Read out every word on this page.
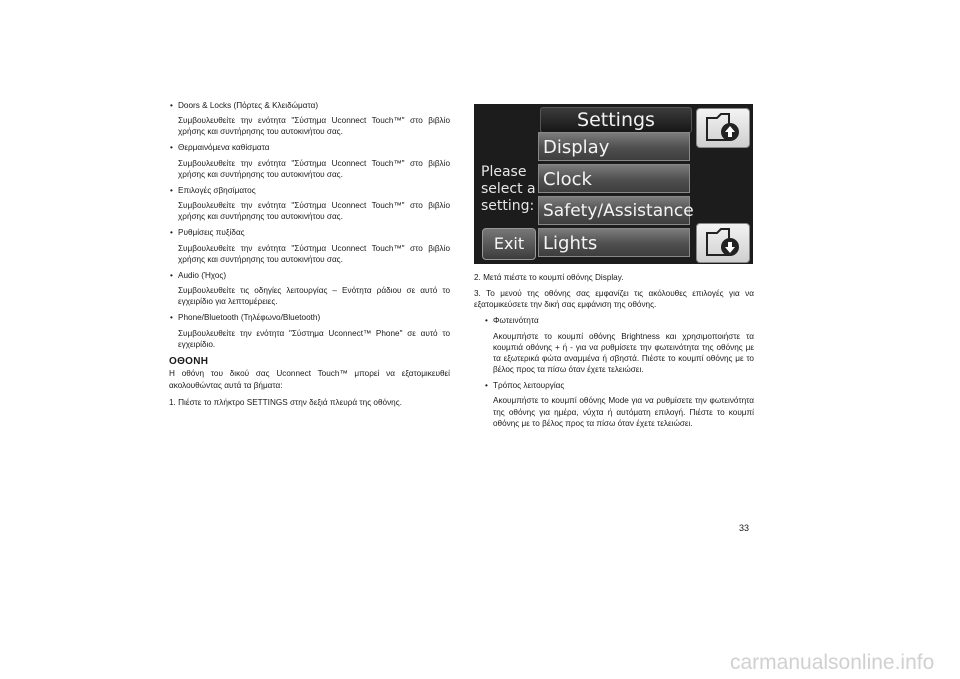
• Doors & Locks (Πόρτες & Κλειδώματα)
Συμβουλευθείτε την ενότητα "Σύστημα Uconnect Touch™" στο βιβλίο χρήσης και συντήρησης του αυτοκινήτου σας.
• Θερμαινόμενα καθίσματα
Συμβουλευθείτε την ενότητα "Σύστημα Uconnect Touch™" στο βιβλίο χρήσης και συντήρησης του αυτοκινήτου σας.
• Επιλογές σβησίματος
Συμβουλευθείτε την ενότητα "Σύστημα Uconnect Touch™" στο βιβλίο χρήσης και συντήρησης του αυτοκινήτου σας.
• Ρυθμίσεις πυξίδας
Συμβουλευθείτε την ενότητα "Σύστημα Uconnect Touch™" στο βιβλίο χρήσης και συντήρησης του αυτοκινήτου σας.
• Audio (Ήχος)
Συμβουλευθείτε τις οδηγίες λειτουργίας – Ενότητα ράδιου σε αυτό το εγχειρίδιο για λεπτομέρειες.
• Phone/Bluetooth (Τηλέφωνο/Bluetooth)
Συμβουλευθείτε την ενότητα "Σύστημα Uconnect™ Phone" σε αυτό το εγχειρίδιο.
ΟΘΟΝΗ
Η οθόνη του δικού σας Uconnect Touch™ μπορεί να εξατομικευθεί ακολουθώντας αυτά τα βήματα:
1. Πιέστε το πλήκτρο SETTINGS στην δεξιά πλευρά της οθόνης.
Settings
Please select a setting:
Display
Clock
Safety/Assistance
Lights
Exit
2. Μετά πιέστε το κουμπί οθόνης Display.
3. Το μενού της οθόνης σας εμφανίζει τις ακόλουθες επιλογές για να εξατομικεύσετε την δική σας εμφάνιση της οθόνης.
• Φωτεινότητα
Ακουμπήστε το κουμπί οθόνης Brightness και χρησιμοποιήστε τα κουμπιά οθόνης + ή - για να ρυθμίσετε την φωτεινότητα της οθόνης με τα εξωτερικά φώτα αναμμένα ή σβηστά. Πιέστε το κουμπί οθόνης με το βέλος προς τα πίσω όταν έχετε τελειώσει.
• Τρόπος λειτουργίας
Ακουμπήστε το κουμπί οθόνης Mode για να ρυθμίσετε την φωτεινότητα της οθόνης για ημέρα, νύχτα ή αυτόματη επιλογή. Πιέστε το κουμπί οθόνης με το βέλος προς τα πίσω όταν έχετε τελειώσει.
33
carmanualsonline.info
